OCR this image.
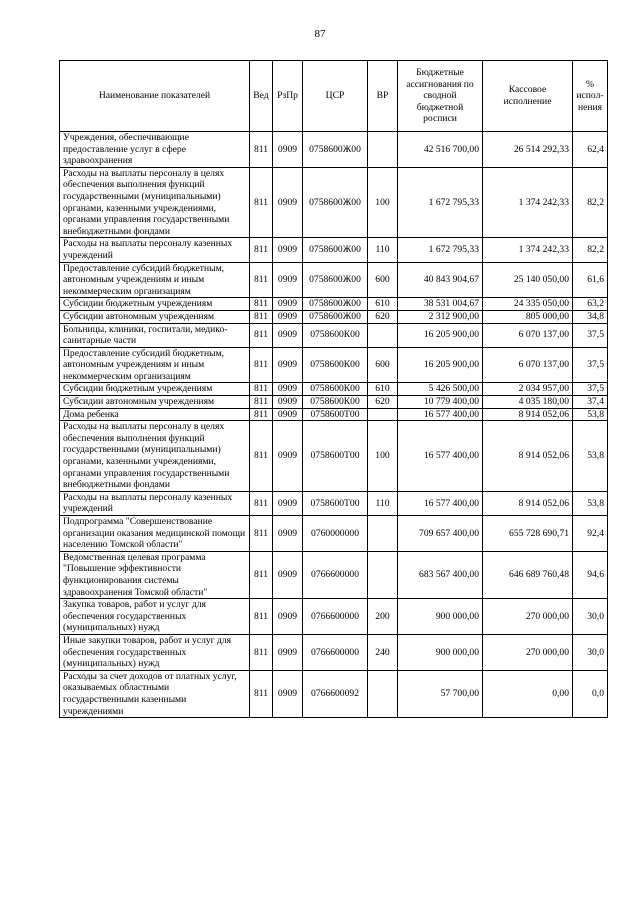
87
Наименование показателей	Вед	РзПр	ЦСР	ВР	Бюджетные ассигнования по сводной бюджетной росписи	Кассовое исполнение	% испол-нения
Учреждения, обеспечивающие предоставление услуг в сфере здравоохранения	811	0909	0758600Ж00		42 516 700,00	26 514 292,33	62,4
Расходы на выплаты персоналу в целях обеспечения выполнения функций государственными (муниципальными) органами, казенными учреждениями, органами управления государственными внебюджетными фондами	811	0909	0758600Ж00	100	1 672 795,33	1 374 242,33	82,2
Расходы на выплаты персоналу казенных учреждений	811	0909	0758600Ж00	110	1 672 795,33	1 374 242,33	82,2
Предоставление субсидий бюджетным, автономным учреждениям и иным некоммерческим организациям	811	0909	0758600Ж00	600	40 843 904,67	25 140 050,00	61,6
Субсидии бюджетным учреждениям	811	0909	0758600Ж00	610	38 531 004,67	24 335 050,00	63,2
Субсидии автономным учреждениям	811	0909	0758600Ж00	620	2 312 900,00	805 000,00	34,8
Больницы, клиники, госпитали, медико-санитарные части	811	0909	0758600К00		16 205 900,00	6 070 137,00	37,5
Предоставление субсидий бюджетным, автономным учреждениям и иным некоммерческим организациям	811	0909	0758600К00	600	16 205 900,00	6 070 137,00	37,5
Субсидии бюджетным учреждениям	811	0909	0758600К00	610	5 426 500,00	2 034 957,00	37,5
Субсидии автономным учреждениям	811	0909	0758600К00	620	10 779 400,00	4 035 180,00	37,4
Дома ребенка	811	0909	0758600Т00		16 577 400,00	8 914 052,06	53,8
Расходы на выплаты персоналу в целях обеспечения выполнения функций государственными (муниципальными) органами, казенными учреждениями, органами управления государственными внебюджетными фондами	811	0909	0758600Т00	100	16 577 400,00	8 914 052,06	53,8
Расходы на выплаты персоналу казенных учреждений	811	0909	0758600Т00	110	16 577 400,00	8 914 052,06	53,8
Подпрограмма "Совершенствование организации оказания медицинской помощи населению Томской области"	811	0909	0760000000		709 657 400,00	655 728 690,71	92,4
Ведомственная целевая программа "Повышение эффективности функционирования системы здравоохранения Томской области"	811	0909	0766600000		683 567 400,00	646 689 760,48	94,6
Закупка товаров, работ и услуг для обеспечения государственных (муниципальных) нужд	811	0909	0766600000	200	900 000,00	270 000,00	30,0
Иные закупки товаров, работ и услуг для обеспечения государственных (муниципальных) нужд	811	0909	0766600000	240	900 000,00	270 000,00	30,0
Расходы за счет доходов от платных услуг, оказываемых областными государственными казенными учреждениями	811	0909	0766600092		57 700,00	0,00	0,0
